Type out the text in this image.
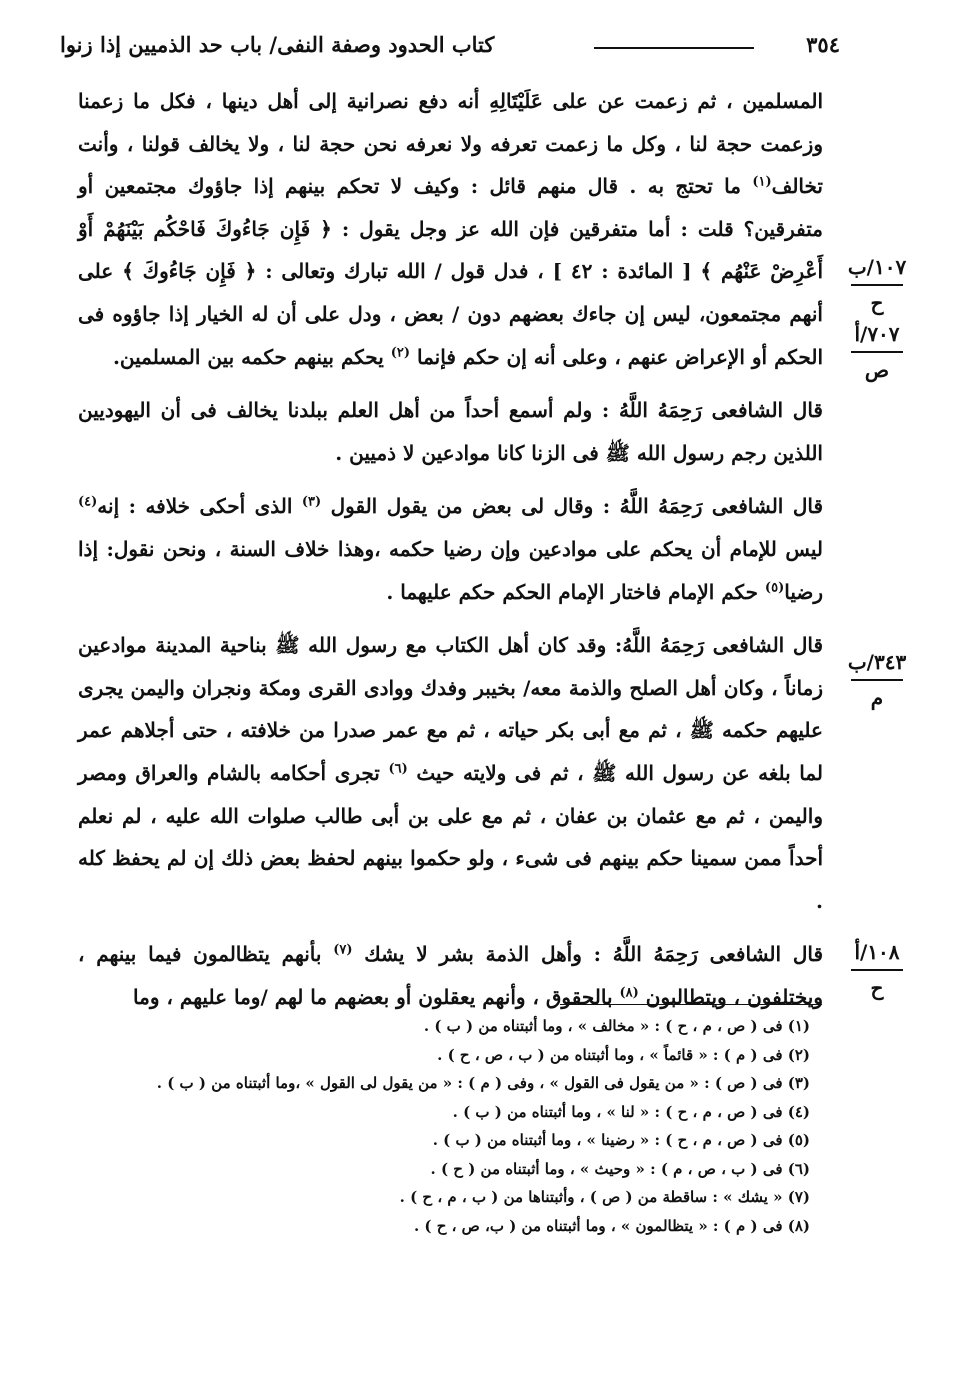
٣٥٤
كتاب الحدود وصفة النفى/ باب حد الذميين إذا زنوا

المسلمين ، ثم زعمت عن على عَلَيْتَالِهِ أنه دفع نصرانية إلى أهل دينها ، فكل ما زعمنا وزعمت حجة لنا ، وكل ما زعمت تعرفه ولا نعرفه نحن حجة لنا ، ولا يخالف قولنا ، وأنت تخالف$^{(١)}$ ما تحتج به . قال منهم قائل : وكيف لا تحكم بينهم إذا جاؤوك مجتمعين أو متفرقين؟ قلت : أما متفرقين فإن الله عز وجل يقول : ﴿ فَإِن جَاءُوكَ فَاحْكُم بَيْنَهُمْ أَوْ أَعْرِضْ عَنْهُم ﴾ [ المائدة : ٤٢ ] ، فدل قول / الله تبارك وتعالى : ﴿ فَإِن جَاءُوكَ ﴾ على أنهم مجتمعون، ليس إن جاءك بعضهم دون / بعض ، ودل على أن له الخيار إذا جاؤوه فى الحكم أو الإعراض عنهم ، وعلى أنه إن حكم فإنما $^{(٢)}$ يحكم بينهم حكمه بين المسلمين.

قال الشافعى رَحِمَهُ اللَّهُ : ولم أسمع أحداً من أهل العلم ببلدنا يخالف فى أن اليهوديين اللذين رجم رسول الله ﷺ فى الزنا كانا موادعين لا ذميين .

قال الشافعى رَحِمَهُ اللَّهُ : وقال لى بعض من يقول القول $^{(٣)}$ الذى أحكى خلافه : إنه$^{(٤)}$ ليس للإمام أن يحكم على موادعين وإن رضيا حكمه ،وهذا خلاف السنة ، ونحن نقول: إذا رضيا$^{(٥)}$ حكم الإمام فاختار الإمام الحكم حكم عليهما .

قال الشافعى رَحِمَهُ اللَّهُ: وقد كان أهل الكتاب مع رسول الله ﷺ بناحية المدينة موادعين زماناً ، وكان أهل الصلح والذمة معه/ بخيبر وفدك ووادى القرى ومكة ونجران واليمن يجرى عليهم حكمه ﷺ ، ثم مع أبى بكر حياته ، ثم مع عمر صدرا من خلافته ، حتى أجلاهم عمر لما بلغه عن رسول الله ﷺ ، ثم فى ولايته حيث $^{(٦)}$ تجرى أحكامه بالشام والعراق ومصر واليمن ، ثم مع عثمان بن عفان ، ثم مع على بن أبى طالب صلوات الله عليه ، لم نعلم أحداً ممن سمينا حكم بينهم فى شىء ، ولو حكموا بينهم لحفظ بعض ذلك إن لم يحفظ كله .

قال الشافعى رَحِمَهُ اللَّهُ : وأهل الذمة بشر لا يشك $^{(٧)}$ بأنهم يتظالمون فيما بينهم ، ويختلفون ، ويتطالبون $^{(٨)}$ بالحقوق ، وأنهم يعقلون أو بعضهم ما لهم /وما عليهم ، وما

١٠٧/ب
ح
٧٠٧/أ
ص
٣٤٣/ب
م
١٠٨/أ
ح
(١) فى ( ص ، م ، ح ) : « مخالف » ، وما أثبتناه من ( ب ) .
(٢) فى ( م ) : « قائماً » ، وما أثبتناه من ( ب ، ص ، ح ) .
(٣) فى ( ص ) : « من يقول فى القول » ، وفى ( م ) : « من يقول لى القول » ،وما أثبتناه من ( ب ) .
(٤) فى ( ص ، م ، ح ) : « لنا » ، وما أثبتناه من ( ب ) .
(٥) فى ( ص ، م ، ح ) : « رضينا » ، وما أثبتناه من ( ب ) .
(٦) فى ( ب ، ص ، م ) : « وحيث » ، وما أثبتناه من ( ح ) .
(٧) « يشك » : ساقطة من ( ص ) ، وأثبتناها من ( ب ، م ، ح ) .
(٨) فى ( م ) : « يتظالمون » ، وما أثبتناه من ( ب، ص ، ح ) .
